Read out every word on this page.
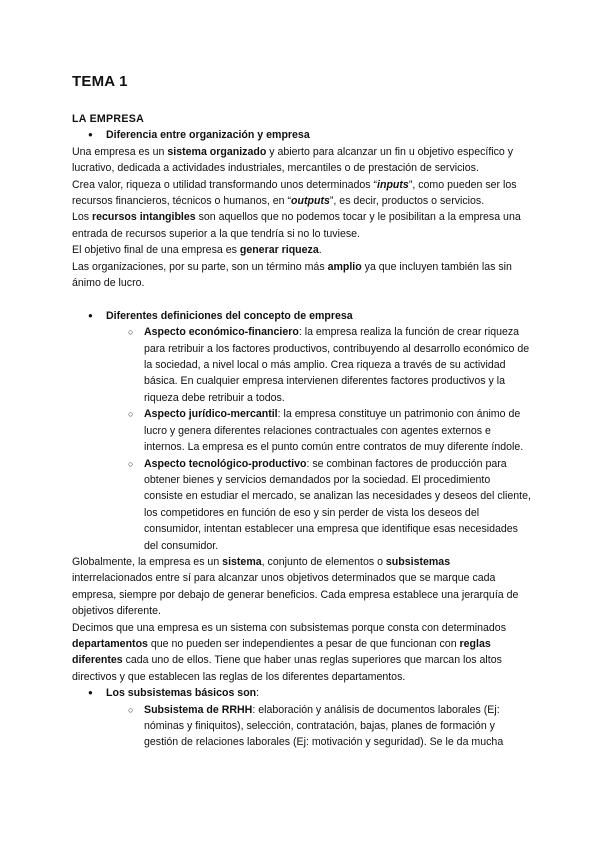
TEMA 1

LA EMPRESA

● Diferencia entre organización y empresa

Una empresa es un sistema organizado y abierto para alcanzar un fin u objetivo específico y lucrativo, dedicada a actividades industriales, mercantiles o de prestación de servicios.

Crea valor, riqueza o utilidad transformando unos determinados “inputs”, como pueden ser los recursos financieros, técnicos o humanos, en “outputs”, es decir, productos o servicios.

Los recursos intangibles son aquellos que no podemos tocar y le posibilitan a la empresa una entrada de recursos superior a la que tendría si no lo tuviese.

El objetivo final de una empresa es generar riqueza.

Las organizaciones, por su parte, son un término más amplio ya que incluyen también las sin ánimo de lucro.

● Diferentes definiciones del concepto de empresa

○ Aspecto económico-financiero: la empresa realiza la función de crear riqueza para retribuir a los factores productivos, contribuyendo al desarrollo económico de la sociedad, a nivel local o más amplio. Crea riqueza a través de su actividad básica. En cualquier empresa intervienen diferentes factores productivos y la riqueza debe retribuir a todos.

○ Aspecto jurídico-mercantil: la empresa constituye un patrimonio con ánimo de lucro y genera diferentes relaciones contractuales con agentes externos e internos. La empresa es el punto común entre contratos de muy diferente índole.

○ Aspecto tecnológico-productivo: se combinan factores de producción para obtener bienes y servicios demandados por la sociedad. El procedimiento consiste en estudiar el mercado, se analizan las necesidades y deseos del cliente, los competidores en función de eso y sin perder de vista los deseos del consumidor, intentan establecer una empresa que identifique esas necesidades del consumidor.

Globalmente, la empresa es un sistema, conjunto de elementos o subsistemas interrelacionados entre sí para alcanzar unos objetivos determinados que se marque cada empresa, siempre por debajo de generar beneficios. Cada empresa establece una jerarquía de objetivos diferente.

Decimos que una empresa es un sistema con subsistemas porque consta con determinados departamentos que no pueden ser independientes a pesar de que funcionan con reglas diferentes cada uno de ellos. Tiene que haber unas reglas superiores que marcan los altos directivos y que establecen las reglas de los diferentes departamentos.

● Los subsistemas básicos son:

○ Subsistema de RRHH: elaboración y análisis de documentos laborales (Ej: nóminas y finiquitos), selección, contratación, bajas, planes de formación y gestión de relaciones laborales (Ej: motivación y seguridad). Se le da mucha
